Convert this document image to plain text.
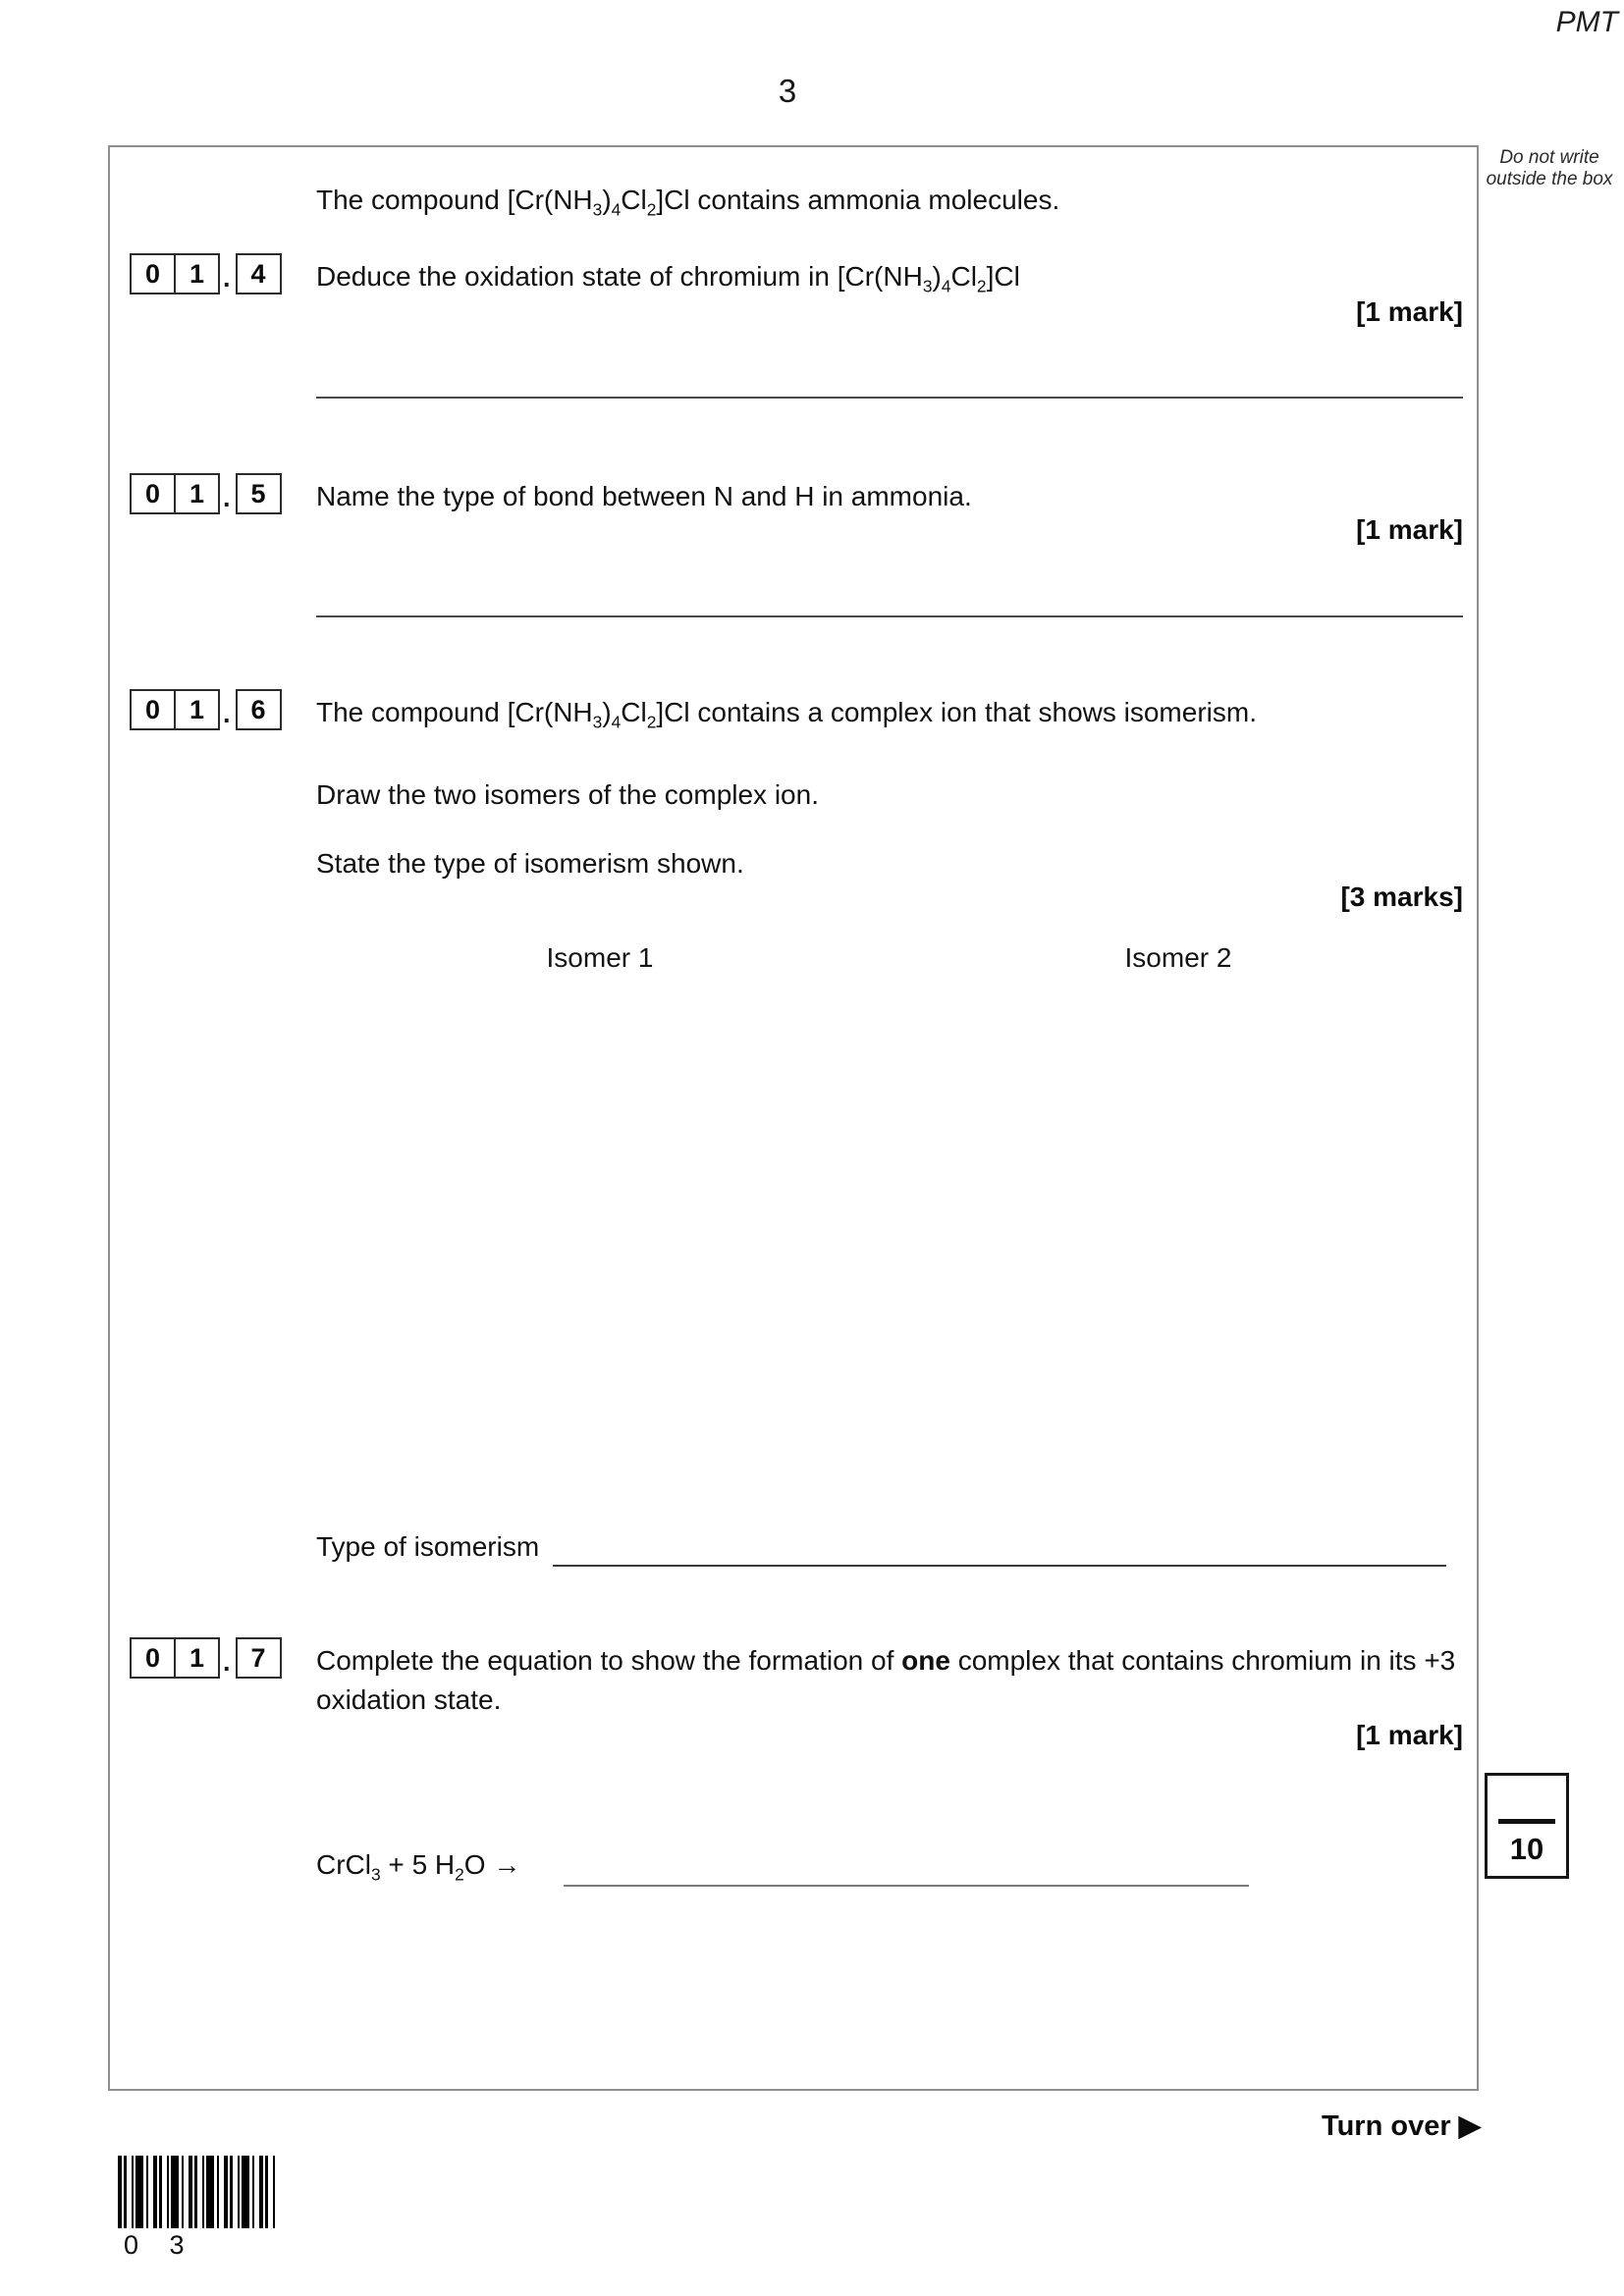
PMT
3
Do not write outside the box
The compound $[Cr(NH_3)_4Cl_2]Cl$ contains ammonia molecules.
0	1 . 4	Deduce the oxidation state of chromium in $[Cr(NH_3)_4Cl_2]Cl$
[1 mark]
0	1 . 5	Name the type of bond between N and H in ammonia.
[1 mark]
0	1 . 6	The compound $[Cr(NH_3)_4Cl_2]Cl$ contains a complex ion that shows isomerism.
Draw the two isomers of the complex ion.
State the type of isomerism shown.
[3 marks]
Isomer 1	Isomer 2
Type of isomerism
0	1 . 7	Complete the equation to show the formation of one complex that contains chromium in its +3 oxidation state.
[1 mark]
CrCl$_3$ + 5 $H_2O$ →	10
Turn over ▶
0 3
